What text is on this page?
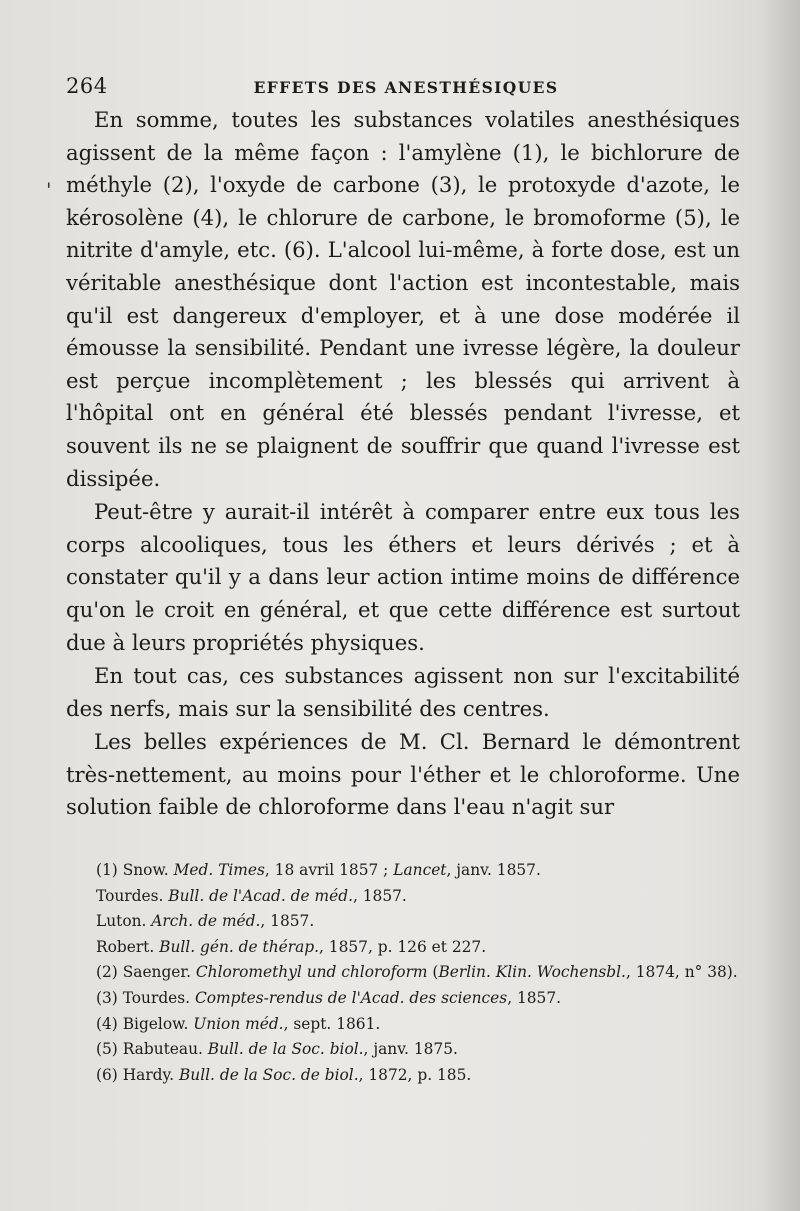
264	EFFETS DES ANESTHÉSIQUES
'

En somme, toutes les substances volatiles anesthésiques agissent de la même façon : l'amylène (1), le bichlorure de méthyle (2), l'oxyde de carbone (3), le protoxyde d'azote, le kérosolène (4), le chlorure de carbone, le bromoforme (5), le nitrite d'amyle, etc. (6). L'alcool lui-même, à forte dose, est un véritable anesthésique dont l'action est incontestable, mais qu'il est dangereux d'employer, et à une dose modérée il émousse la sensibilité. Pendant une ivresse légère, la douleur est perçue incomplètement ; les blessés qui arrivent à l'hôpital ont en général été blessés pendant l'ivresse, et souvent ils ne se plaignent de souffrir que quand l'ivresse est dissipée.

Peut-être y aurait-il intérêt à comparer entre eux tous les corps alcooliques, tous les éthers et leurs dérivés ; et à constater qu'il y a dans leur action intime moins de différence qu'on le croit en général, et que cette différence est surtout due à leurs propriétés physiques.

En tout cas, ces substances agissent non sur l'excitabilité des nerfs, mais sur la sensibilité des centres.

Les belles expériences de M. Cl. Bernard le démontrent très-nettement, au moins pour l'éther et le chloroforme. Une solution faible de chloroforme dans l'eau n'agit sur

(1) Snow. Med. Times, 18 avril 1857 ; Lancet, janv. 1857.

Tourdes. Bull. de l'Acad. de méd., 1857.

Luton. Arch. de méd., 1857.

Robert. Bull. gén. de thérap., 1857, p. 126 et 227.

(2) Saenger. Chloromethyl und chloroform (Berlin. Klin. Wochensbl., 1874, n° 38).

(3) Tourdes. Comptes-rendus de l'Acad. des sciences, 1857.

(4) Bigelow. Union méd., sept. 1861.

(5) Rabuteau. Bull. de la Soc. biol., janv. 1875.

(6) Hardy. Bull. de la Soc. de biol., 1872, p. 185.
